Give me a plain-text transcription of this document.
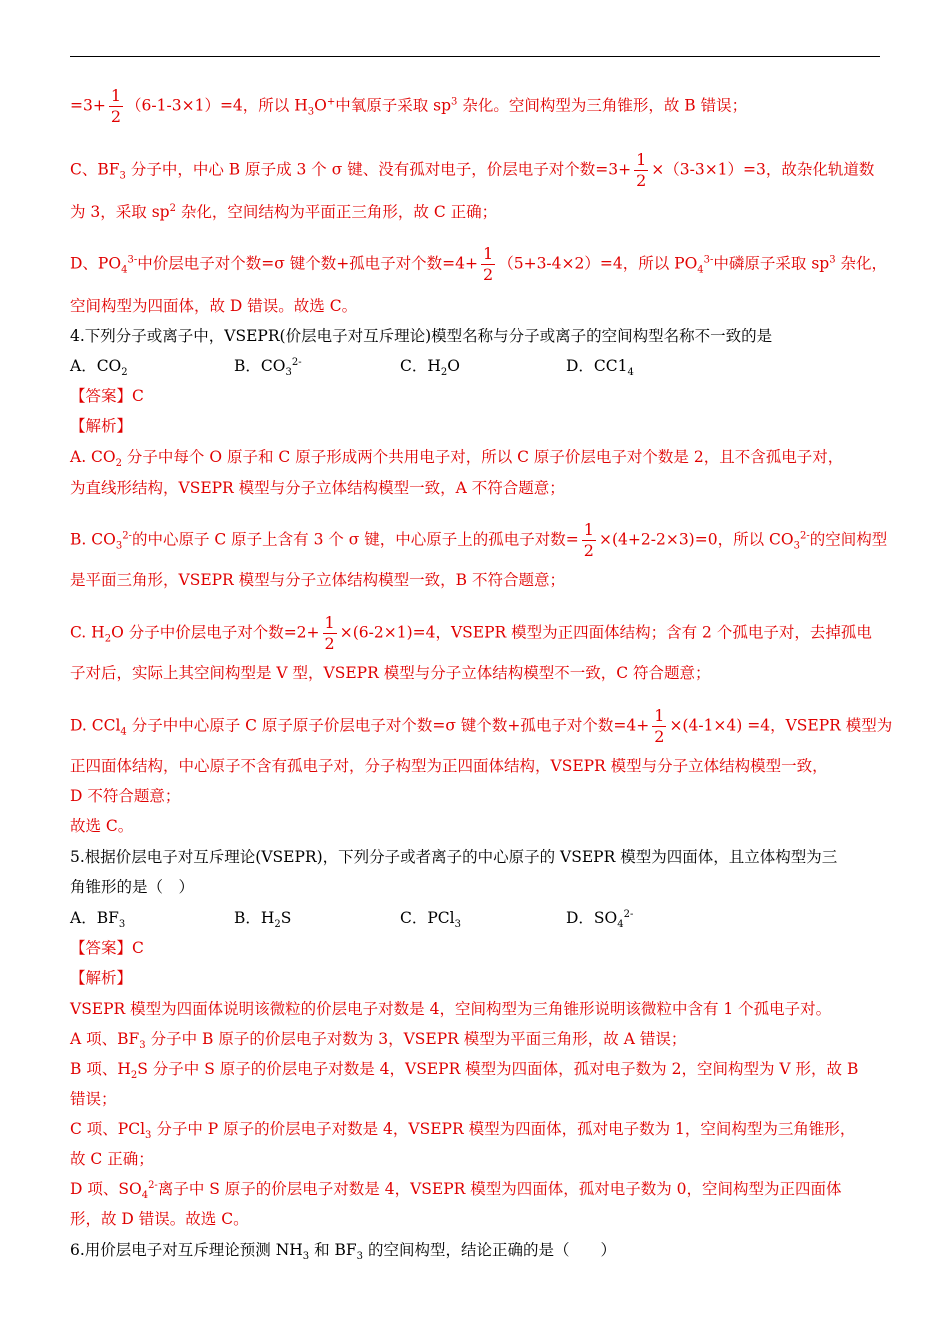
$=3+ \frac{1}{2} (6-1-3\times 1)=4$，所以 $H_3O^+$中氧原子采取 $sp^3$ 杂化。空间构型为三角锥形，故 B 错误；
C、$BF_3$ 分子中，中心 B 原子成 3 个 σ 键、没有孤对电子，价层电子对个数$=3+ \frac{1}{2} \times(3-3\times 1)=3$，故杂化轨道数
为 3，采取 $sp^2$ 杂化，空间结构为平面正三角形，故 C 正确；
D、$PO_4^{3-}$中价层电子对个数=σ 键个数+孤电子对个数$=4+ \frac{1}{2} (5+3-4\times 2)=4$，所以 $PO_4^{3-}$中磷原子采取 $sp^3$ 杂化，
空间构型为四面体，故 D 错误。故选 C。
4.下列分子或离子中，VSEPR(价层电子对互斥理论)模型名称与分子或离子的空间构型名称不一致的是
A．$CO_2$	B．$CO_3^{2-}$	C．$H_2O$	D．$CC1_4$
【答案】C
【解析】
A. $CO_2$ 分子中每个 O 原子和 C 原子形成两个共用电子对，所以 C 原子价层电子对个数是 2，且不含孤电子对，
为直线形结构，VSEPR 模型与分子立体结构模型一致，A 不符合题意；
B. $CO_3^{2-}$的中心原子 C 原子上含有 3 个 σ 键，中心原子上的孤电子对数= $\frac{1}{2} \times(4+2-2\times 3)=0$，所以 $CO_3^{2-}$的空间构型
是平面三角形，VSEPR 模型与分子立体结构模型一致，B 不符合题意；
C. $H_2O$ 分子中价层电子对个数$=2+ \frac{1}{2} \times(6-2\times 1)=4$，VSEPR 模型为正四面体结构；含有 2 个孤电子对，去掉孤电
子对后，实际上其空间构型是 V 型，VSEPR 模型与分子立体结构模型不一致，C 符合题意；
D. CCl$_4$ 分子中中心原子 C 原子原子价层电子对个数=σ 键个数+孤电子对个数$=4+ \frac{1}{2} \times(4-1\times 4) =4$，VSEPR 模型为
正四面体结构，中心原子不含有孤电子对，分子构型为正四面体结构，VSEPR 模型与分子立体结构模型一致，
D 不符合题意；
故选 C。
5.根据价层电子对互斥理论(VSEPR)，下列分子或者离子的中心原子的 VSEPR 模型为四面体，且立体构型为三
角锥形的是（　）
A．$BF_3$	B．$H_2S$	C．PCl$_3$	D．$SO_4^{2-}$
【答案】C
【解析】
VSEPR 模型为四面体说明该微粒的价层电子对数是 4，空间构型为三角锥形说明该微粒中含有 1 个孤电子对。
A 项、$BF_3$ 分子中 B 原子的价层电子对数为 3，VSEPR 模型为平面三角形，故 A 错误；
B 项、$H_2S$ 分子中 S 原子的价层电子对数是 4，VSEPR 模型为四面体，孤对电子数为 2，空间构型为 V 形，故 B
错误；
C 项、PCl$_3$ 分子中 P 原子的价层电子对数是 4，VSEPR 模型为四面体，孤对电子数为 1，空间构型为三角锥形，
故 C 正确；
D 项、$SO_4^{2-}$离子中 S 原子的价层电子对数是 4，VSEPR 模型为四面体，孤对电子数为 0，空间构型为正四面体
形，故 D 错误。故选 C。
6.用价层电子对互斥理论预测 $NH_3$ 和 $BF_3$ 的空间构型，结论正确的是（　　）
